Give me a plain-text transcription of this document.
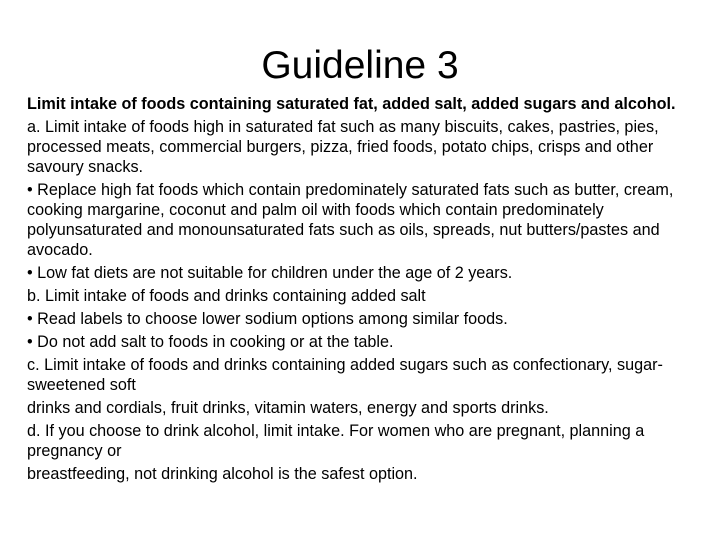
Guideline 3

Limit intake of foods containing saturated fat, added salt, added sugars and alcohol.

a. Limit intake of foods high in saturated fat such as many biscuits, cakes, pastries, pies, processed meats, commercial burgers, pizza, fried foods, potato chips, crisps and other savoury snacks.

• Replace high fat foods which contain predominately saturated fats such as butter, cream, cooking margarine, coconut and palm oil with foods which contain predominately polyunsaturated and monounsaturated fats such as oils, spreads, nut butters/pastes and avocado.

• Low fat diets are not suitable for children under the age of 2 years.

b. Limit intake of foods and drinks containing added salt

• Read labels to choose lower sodium options among similar foods.

• Do not add salt to foods in cooking or at the table.

c. Limit intake of foods and drinks containing added sugars such as confectionary, sugar-sweetened soft

drinks and cordials, fruit drinks, vitamin waters, energy and sports drinks.

d. If you choose to drink alcohol, limit intake. For women who are pregnant, planning a pregnancy or

breastfeeding, not drinking alcohol is the safest option.
